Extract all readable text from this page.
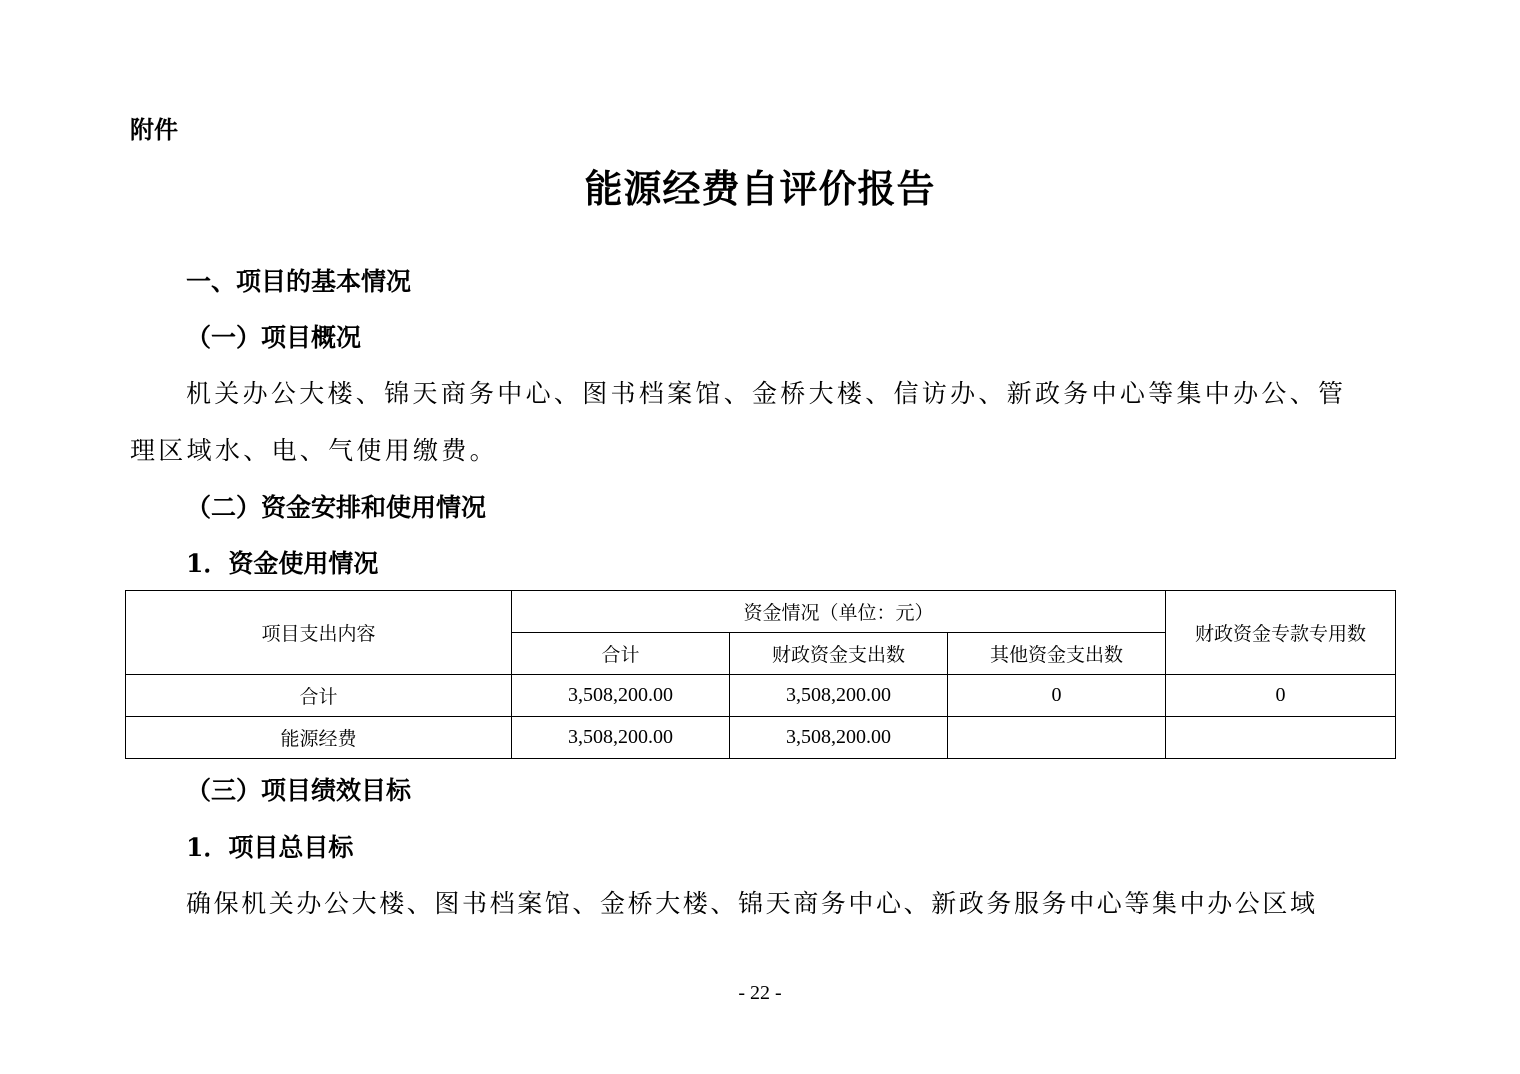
附件
能源经费自评价报告
一、项目的基本情况
（一）项目概况
机关办公大楼、锦天商务中心、图书档案馆、金桥大楼、信访办、新政务中心等集中办公、管
理区域水、电、气使用缴费。
（二）资金安排和使用情况
1．资金使用情况
项目支出内容	资金情况（单位：元）			财政资金专款专用数
	合计	财政资金支出数	其他资金支出数	
合计	3,508,200.00	3,508,200.00	0	0
能源经费	3,508,200.00	3,508,200.00		
（三）项目绩效目标
1．项目总目标
确保机关办公大楼、图书档案馆、金桥大楼、锦天商务中心、新政务服务中心等集中办公区域
- 22 -
